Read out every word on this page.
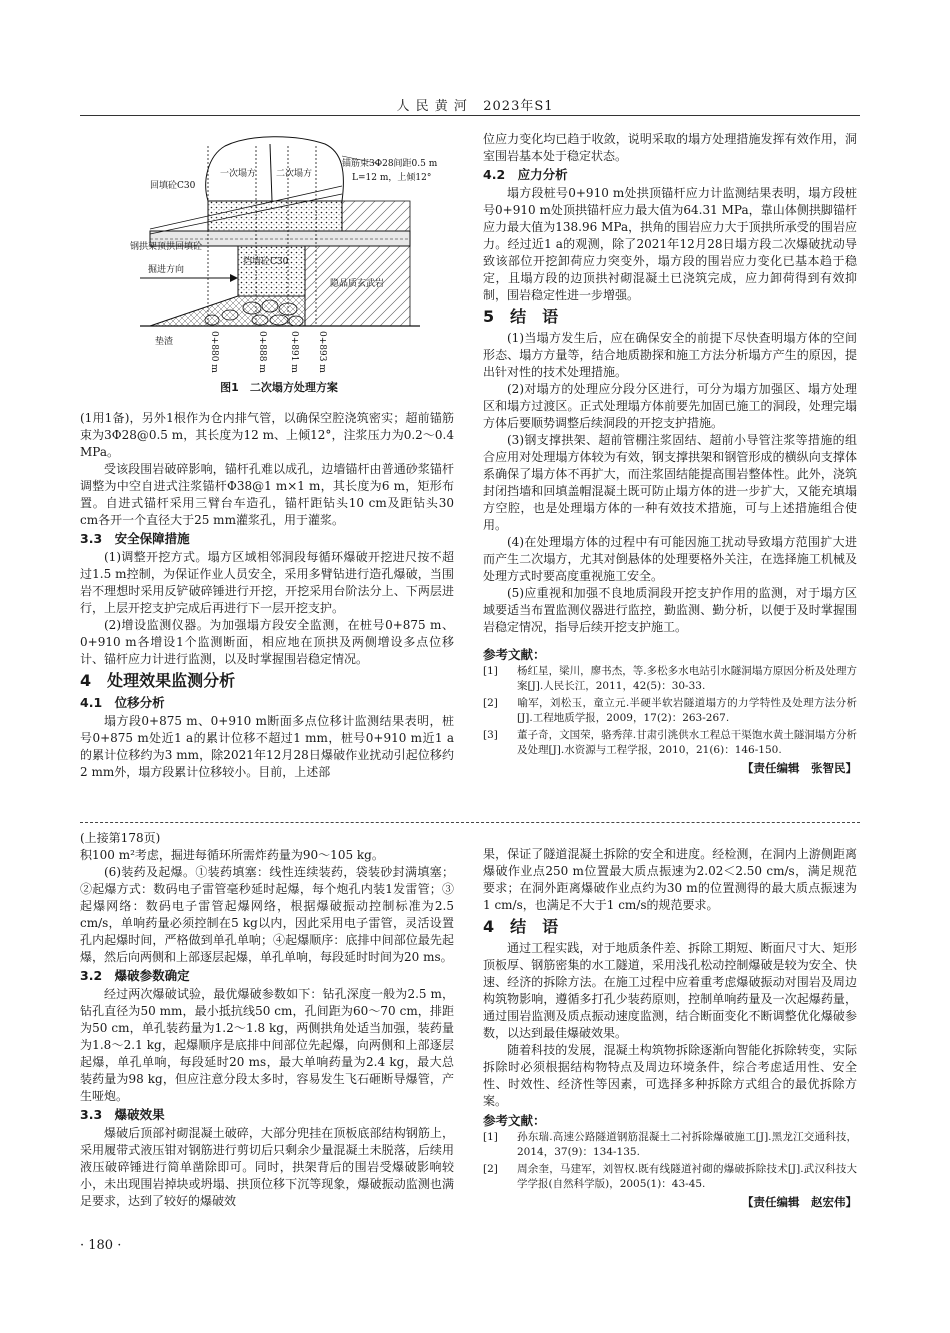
人 民 黄 河 2023年S1
一次塌方 二次塌方
回填砼C30
锚筋束3Φ28间距0.5 m
L=12 m，上倾12°
钢拱架顶拱回填砼
挡墙砼C30
掘进方向
隐晶质玄武岩
垫渣	0+880 m	0+888 m 0+891 m 0+893 m
图1　二次塌方处理方案

(1用1备)，另外1根作为仓内排气管，以确保空腔浇筑密实；超前锚筋束为3Φ28@0.5 m，其长度为12 m、上倾12°，注浆压力为0.2～0.4 MPa。

受该段围岩破碎影响，锚杆孔难以成孔，边墙锚杆由普通砂浆锚杆调整为中空自进式注浆锚杆Φ38@1 m×1 m，其长度为6 m，矩形布置。自进式锚杆采用三臂台车造孔，锚杆距钻头10 cm及距钻头30 cm各开一个直径大于25 mm灌浆孔，用于灌浆。

3.3　安全保障措施

(1)调整开挖方式。塌方区域相邻洞段每循环爆破开挖进尺按不超过1.5 m控制，为保证作业人员安全，采用多臂钻进行造孔爆破，当围岩不理想时采用反铲破碎锤进行开挖，开挖采用台阶法分上、下两层进行，上层开挖支护完成后再进行下一层开挖支护。

(2)增设监测仪器。为加强塌方段安全监测，在桩号0+875 m、0+910 m各增设1个监测断面，相应地在顶拱及两侧增设多点位移计、锚杆应力计进行监测，以及时掌握围岩稳定情况。

4　处理效果监测分析
4.1　位移分析

塌方段0+875 m、0+910 m断面多点位移计监测结果表明，桩号0+875 m处近1 a的累计位移不超过1 mm，桩号0+910 m近1 a的累计位移约为3 mm，除2021年12月28日爆破作业扰动引起位移约2 mm外，塌方段累计位移较小。目前，上述部

位应力变化均已趋于收敛，说明采取的塌方处理措施发挥有效作用，洞室围岩基本处于稳定状态。

4.2　应力分析

塌方段桩号0+910 m处拱顶锚杆应力计监测结果表明，塌方段桩号0+910 m处顶拱锚杆应力最大值为64.31 MPa，靠山体侧拱脚锚杆应力最大值为138.96 MPa，拱角的围岩应力大于顶拱所承受的围岩应力。经过近1 a的观测，除了2021年12月28日塌方段二次爆破扰动导致该部位开挖卸荷应力突变外，塌方段的围岩应力变化已基本趋于稳定，且塌方段的边顶拱衬砌混凝土已浇筑完成，应力卸荷得到有效抑制，围岩稳定性进一步增强。

5　结　语

(1)当塌方发生后，应在确保安全的前提下尽快查明塌方体的空间形态、塌方方量等，结合地质勘探和施工方法分析塌方产生的原因，提出针对性的技术处理措施。

(2)对塌方的处理应分段分区进行，可分为塌方加强区、塌方处理区和塌方过渡区。正式处理塌方体前要先加固已施工的洞段，处理完塌方体后要顺势调整后续洞段的开挖支护措施。

(3)钢支撑拱架、超前管棚注浆固结、超前小导管注浆等措施的组合应用对处理塌方体较为有效，钢支撑拱架和钢管形成的横纵向支撑体系确保了塌方体不再扩大，而注浆固结能提高围岩整体性。此外，浇筑封闭挡墙和回填盖帽混凝土既可防止塌方体的进一步扩大，又能充填塌方空腔，也是处理塌方体的一种有效技术措施，可与上述措施组合使用。

(4)在处理塌方体的过程中有可能因施工扰动导致塌方范围扩大进而产生二次塌方，尤其对倒悬体的处理要格外关注，在选择施工机械及处理方式时要高度重视施工安全。

(5)应重视和加强不良地质洞段开挖支护作用的监测，对于塌方区域要适当布置监测仪器进行监控，勤监测、勤分析，以便于及时掌握围岩稳定情况，指导后续开挖支护施工。

参考文献：
[1] 杨红星，梁川，廖书杰，等.多松多水电站引水隧洞塌方原因分析及处理方案[J].人民长江，2011，42(5)：30-33.
[2] 喻军，刘松玉，童立元.半硬半软岩隧道塌方的力学特性及处理方法分析[J].工程地质学报，2009，17(2)：263-267.
[3] 董子奇，文国荣，骆秀萍.甘肃引洮供水工程总干渠饱水黄土隧洞塌方分析及处理[J].水资源与工程学报，2010，21(6)：146-150.
【责任编辑　张智民】

(上接第178页)

积100 m²考虑，掘进每循环所需炸药量为90～105 kg。

(6)装药及起爆。①装药填塞：线性连续装药，袋装砂封满填塞；②起爆方式：数码电子雷管毫秒延时起爆，每个炮孔内装1发雷管；③起爆网络：数码电子雷管起爆网络，根据爆破振动控制标准为2.5 cm/s，单响药量必须控制在5 kg以内，因此采用电子雷管，灵活设置孔内起爆时间，严格做到单孔单响；④起爆顺序：底排中间部位最先起爆，然后向两侧和上部逐层起爆，单孔单响，每段延时时间为20 ms。

3.2　爆破参数确定

经过两次爆破试验，最优爆破参数如下：钻孔深度一般为2.5 m，钻孔直径为50 mm，最小抵抗线50 cm，孔间距为60～70 cm，排距为50 cm，单孔装药量为1.2～1.8 kg，两侧拱角处适当加强，装药量为1.8～2.1 kg，起爆顺序是底排中间部位先起爆，向两侧和上部逐层起爆，单孔单响，每段延时20 ms，最大单响药量为2.4 kg，最大总装药量为98 kg，但应注意分段太多时，容易发生飞石砸断导爆管，产生哑炮。

3.3　爆破效果

爆破后顶部衬砌混凝土破碎，大部分兜挂在顶板底部结构钢筋上，采用履带式液压钳对钢筋进行剪切后只剩余少量混凝土未脱落，后续用液压破碎锤进行简单凿除即可。同时，拱架背后的围岩受爆破影响较小，未出现围岩掉块或坍塌、拱顶位移下沉等现象，爆破振动监测也满足要求，达到了较好的爆破效

果，保证了隧道混凝土拆除的安全和进度。经检测，在洞内上游侧距离爆破作业点250 m位置最大质点振速为2.02＜2.50 cm/s，满足规范要求；在洞外距离爆破作业点约为30 m的位置测得的最大质点振速为1 cm/s，也满足不大于1 cm/s的规范要求。

4　结　语

通过工程实践，对于地质条件差、拆除工期短、断面尺寸大、矩形顶板厚、钢筋密集的水工隧道，采用浅孔松动控制爆破是较为安全、快速、经济的拆除方法。在施工过程中应着重考虑爆破振动对围岩及周边构筑物影响，遵循多打孔少装药原则，控制单响药量及一次起爆药量，通过围岩监测及质点振动速度监测，结合断面变化不断调整优化爆破参数，以达到最佳爆破效果。

随着科技的发展，混凝土构筑物拆除逐渐向智能化拆除转变，实际拆除时必须根据结构物特点及周边环境条件，综合考虑适用性、安全性、时效性、经济性等因素，可选择多种拆除方式组合的最优拆除方案。

参考文献：
[1] 孙东瑞.高速公路隧道钢筋混凝土二衬拆除爆破施工[J].黑龙江交通科技，2014，37(9)：134-135.
[2] 周余奎，马建军，刘智权.既有线隧道衬砌的爆破拆除技术[J].武汉科技大学学报(自然科学版)，2005(1)：43-45.
【责任编辑　赵宏伟】
· 180 ·
